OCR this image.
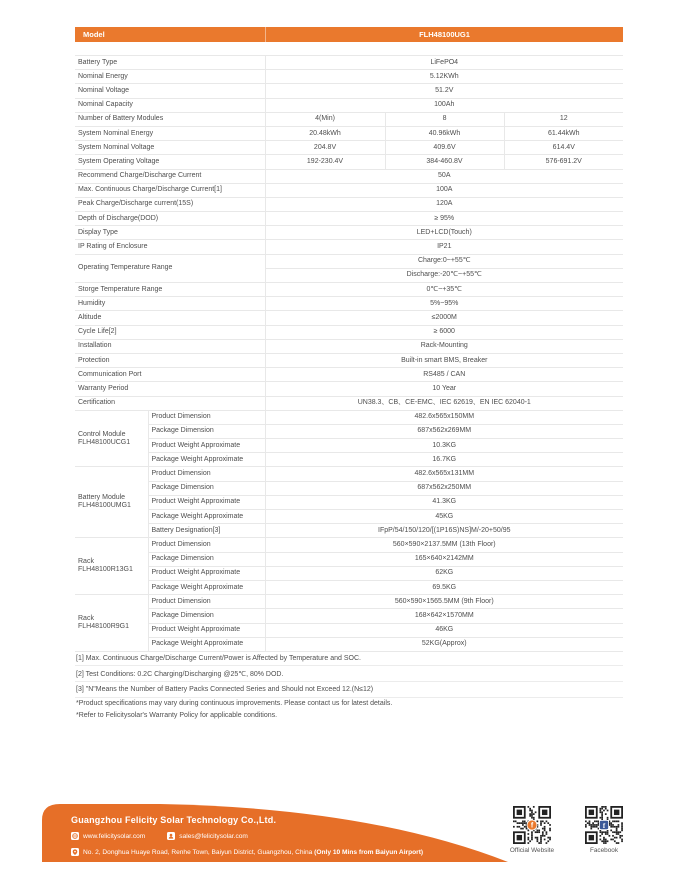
Model	FLH48100UG1
Battery Type		LiFePO4		
Nominal Energy		5.12KWh		
Nominal Voltage		51.2V		
Nominal Capacity		100Ah		
Number of Battery Modules		4(Min)	8	12
System Nominal Energy		20.48kWh	40.96kWh	61.44kWh
System Nominal Voltage		204.8V	409.6V	614.4V
System Operating Voltage		192-230.4V	384-460.8V	576-691.2V
Recommend Charge/Discharge Current		50A		
Max. Continuous Charge/Discharge Current[1]		100A		
Peak Charge/Discharge current(15S)		120A		
Depth of Discharge(DOD)		≥ 95%		
Display Type		LED+LCD(Touch)		
IP Rating of Enclosure		IP21		
Operating Temperature Range		Charge:0~+55℃		
		Discharge:-20℃~+55℃		
Storge Temperature Range		0℃~+35℃		
Humidity		5%~95%		
Altitude		≤2000M		
Cycle Life[2]		≥ 6000		
Installation		Rack-Mounting		
Protection		Built-in smart BMS, Breaker		
Communication Port		RS485 / CAN		
Warranty Period		10 Year		
Certification		UN38.3、CB、CE-EMC、IEC 62619、EN IEC 62040-1		

Control Module
FLH48100UCG1	Product Dimension	482.6x565x150MM		
	Package Dimension	687x562x269MM		
	Product Weight Approximate	10.3KG		
	Package Weight Approximate	16.7KG		

Battery Module
FLH48100UMG1	Product Dimension	482.6x565x131MM		
	Package Dimension	687x562x250MM		
	Product Weight Approximate	41.3KG		
	Package Weight Approximate	45KG		
	Battery Designation[3]	IFpP/54/150/120/[(1P16S)NS]M/-20+50/95		

Rack
FLH48100R13G1	Product Dimension	560×590×2137.5MM (13th Floor)		
	Package Dimension	165×640×2142MM		
	Product Weight Approximate	62KG		
	Package Weight Approximate	69.5KG		

Rack
FLH48100R9G1	Product Dimension	560×590×1565.5MM (9th Floor)		
	Package Dimension	168×642×1570MM		
	Product Weight Approximate	46KG		
	Package Weight Approximate	52KG(Approx)		
[1] Max. Continuous Charge/Discharge Current/Power is Affected by Temperature and SOC.
[2] Test Conditions: 0.2C Charging/Discharging @25℃, 80% DOD.
[3] "N"Means the Number of Battery Packs Connected Series and Should not Exceed 12.(N≤12)
*Product specifications may vary during continuous improvements. Please contact us for latest details.
*Refer to Felicitysolar's Warranty Policy for applicable conditions.
Guangzhou Felicity Solar Technology Co.,Ltd.
www.felicitysolar.com	sales@felicitysolar.com
No. 2, Donghua Huaye Road, Renhe Town, Baiyun District, Guangzhou, China (Only 10 Mins from Baiyun Airport)
f
Official Website
f
Facebook
